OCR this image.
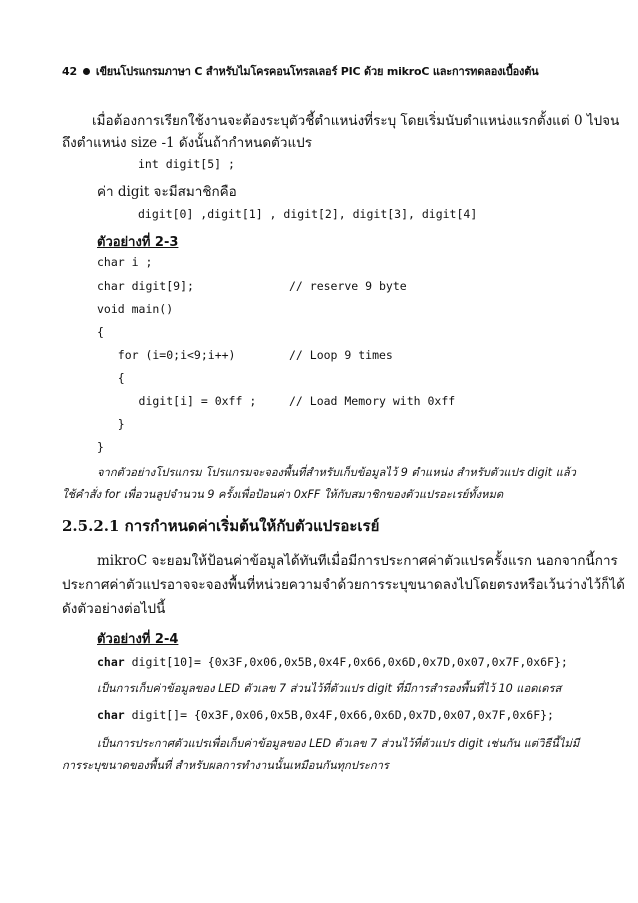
42 เขียนโปรแกรมภาษา C สำหรับไมโครคอนโทรลเลอร์ PIC ด้วย mikroC และการทดลองเบื้องต้น
เมื่อต้องการเรียกใช้งานจะต้องระบุตัวชี้ตำแหน่งที่ระบุ โดยเริ่มนับตำแหน่งแรกตั้งแต่ 0 ไปจน
ถึงตำแหน่ง size -1 ดังนั้นถ้ากำหนดตัวแปร
int digit[5] ;
ค่า digit จะมีสมาชิกคือ
digit[0] ,digit[1] , digit[2], digit[3], digit[4]
ตัวอย่างที่ 2-3
char i ;
char digit[9];	// reserve 9 byte
void main()
{
for (i=0;i<9;i++)	// Loop 9 times
{
digit[i] = 0xff ;	// Load Memory with 0xff
}
}
จากตัวอย่างโปรแกรม โปรแกรมจะจองพื้นที่สำหรับเก็บข้อมูลไว้ 9 ตำแหน่ง สำหรับตัวแปร digit แล้ว
ใช้คำสั่ง for เพื่อวนลูปจำนวน 9 ครั้งเพื่อป้อนค่า 0xFF ให้กับสมาชิกของตัวแปรอะเรย์ทั้งหมด
2.5.2.1 การกำหนดค่าเริ่มต้นให้กับตัวแปรอะเรย์
mikroC จะยอมให้ป้อนค่าข้อมูลได้ทันทีเมื่อมีการประกาศค่าตัวแปรครั้งแรก นอกจากนี้การ
ประกาศค่าตัวแปรอาจจะจองพื้นที่หน่วยความจำด้วยการระบุขนาดลงไปโดยตรงหรือเว้นว่างไว้ก็ได้
ดังตัวอย่างต่อไปนี้
ตัวอย่างที่ 2-4
char digit[10]= {0x3F,0x06,0x5B,0x4F,0x66,0x6D,0x7D,0x07,0x7F,0x6F};
เป็นการเก็บค่าข้อมูลของ LED ตัวเลข 7 ส่วนไว้ที่ตัวแปร digit ที่มีการสำรองพื้นที่ไว้ 10 แอดเดรส
char digit[]= {0x3F,0x06,0x5B,0x4F,0x66,0x6D,0x7D,0x07,0x7F,0x6F};
เป็นการประกาศตัวแปรเพื่อเก็บค่าข้อมูลของ LED ตัวเลข 7 ส่วนไว้ที่ตัวแปร digit เช่นกัน แต่วิธีนี้ไม่มี
การระบุขนาดของพื้นที่ สำหรับผลการทำงานนั้นเหมือนกันทุกประการ
